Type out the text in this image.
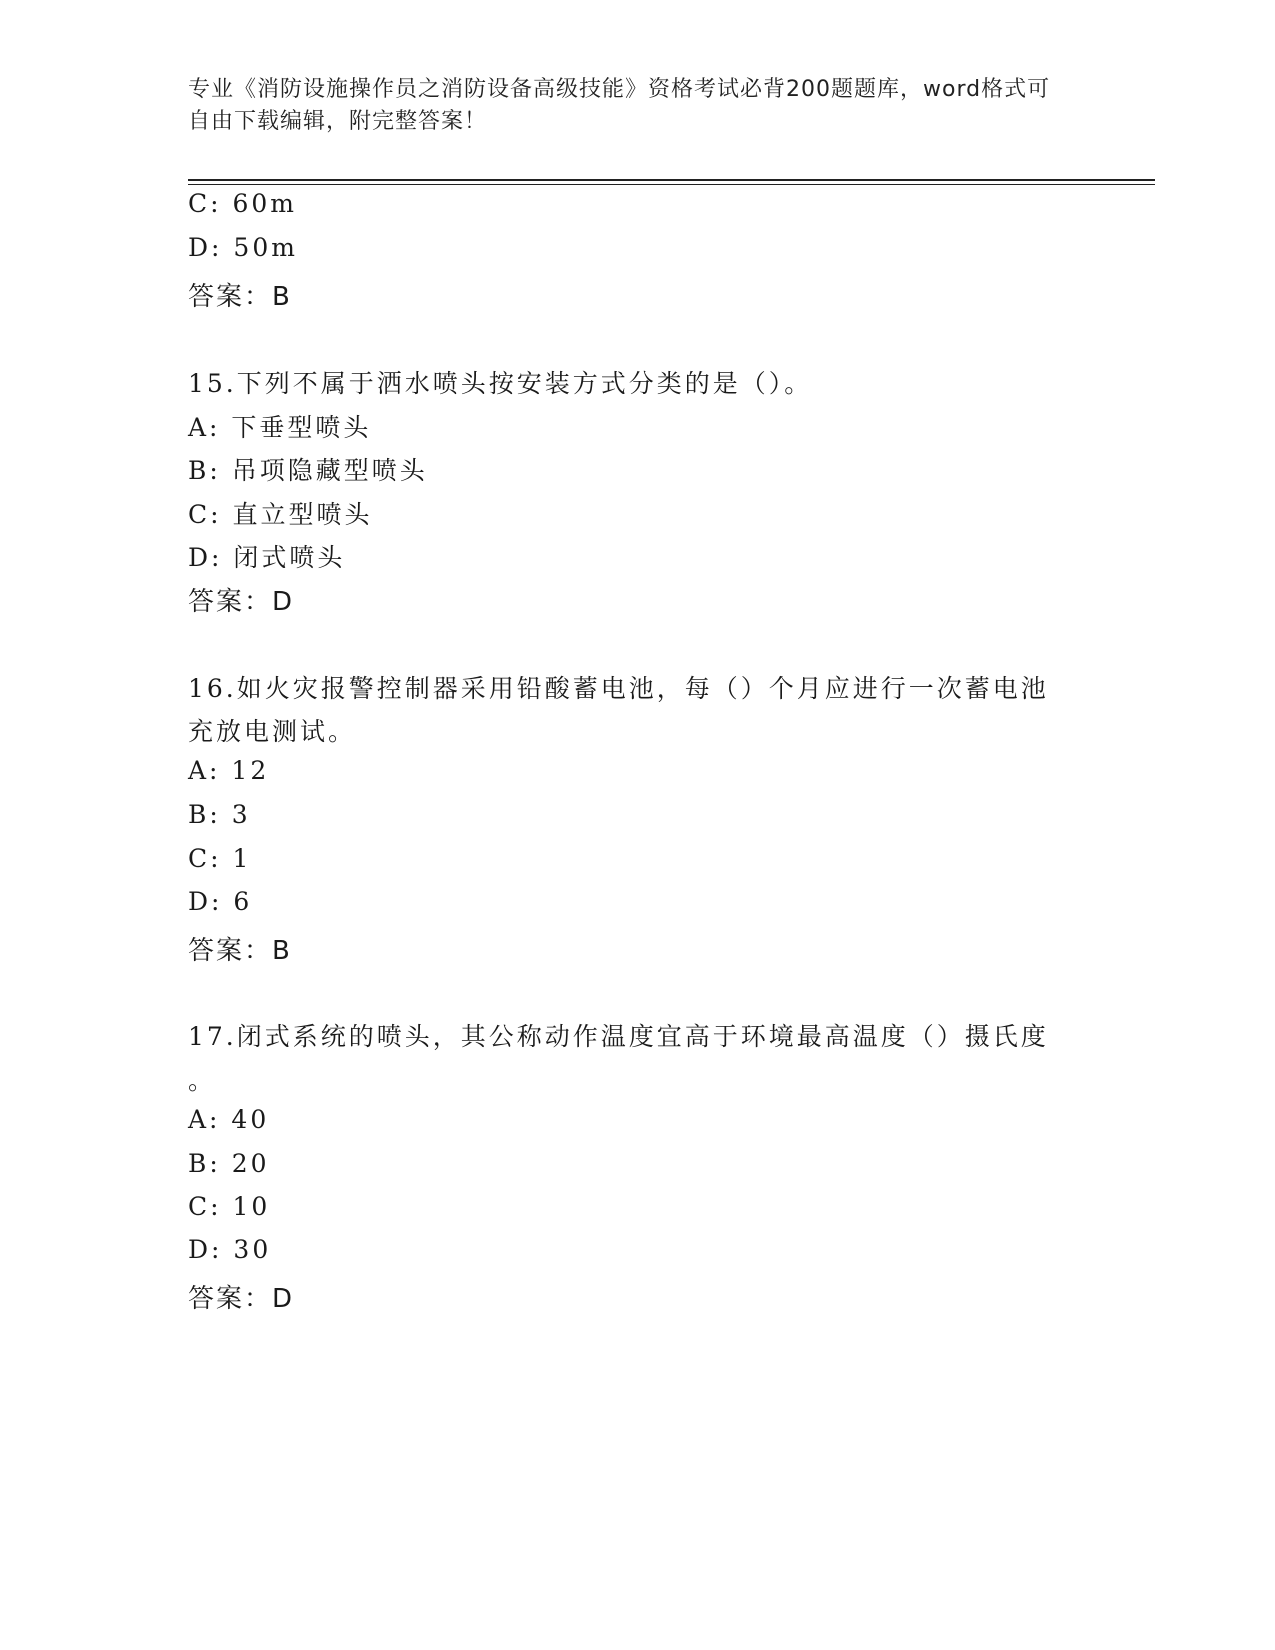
专业《消防设施操作员之消防设备高级技能》资格考试必背200题题库，word格式可自由下载编辑，附完整答案！
C: 60m
D: 50m
答案：B
15.下列不属于洒水喷头按安装方式分类的是（）。
A: 下垂型喷头
B: 吊项隐藏型喷头
C: 直立型喷头
D: 闭式喷头
答案：D
16.如火灾报警控制器采用铅酸蓄电池，每（）个月应进行一次蓄电池
充放电测试。
A: 12
B: 3
C: 1
D: 6
答案：B
17.闭式系统的喷头，其公称动作温度宜高于环境最高温度（）摄氏度
。
A: 40
B: 20
C: 10
D: 30
答案：D
